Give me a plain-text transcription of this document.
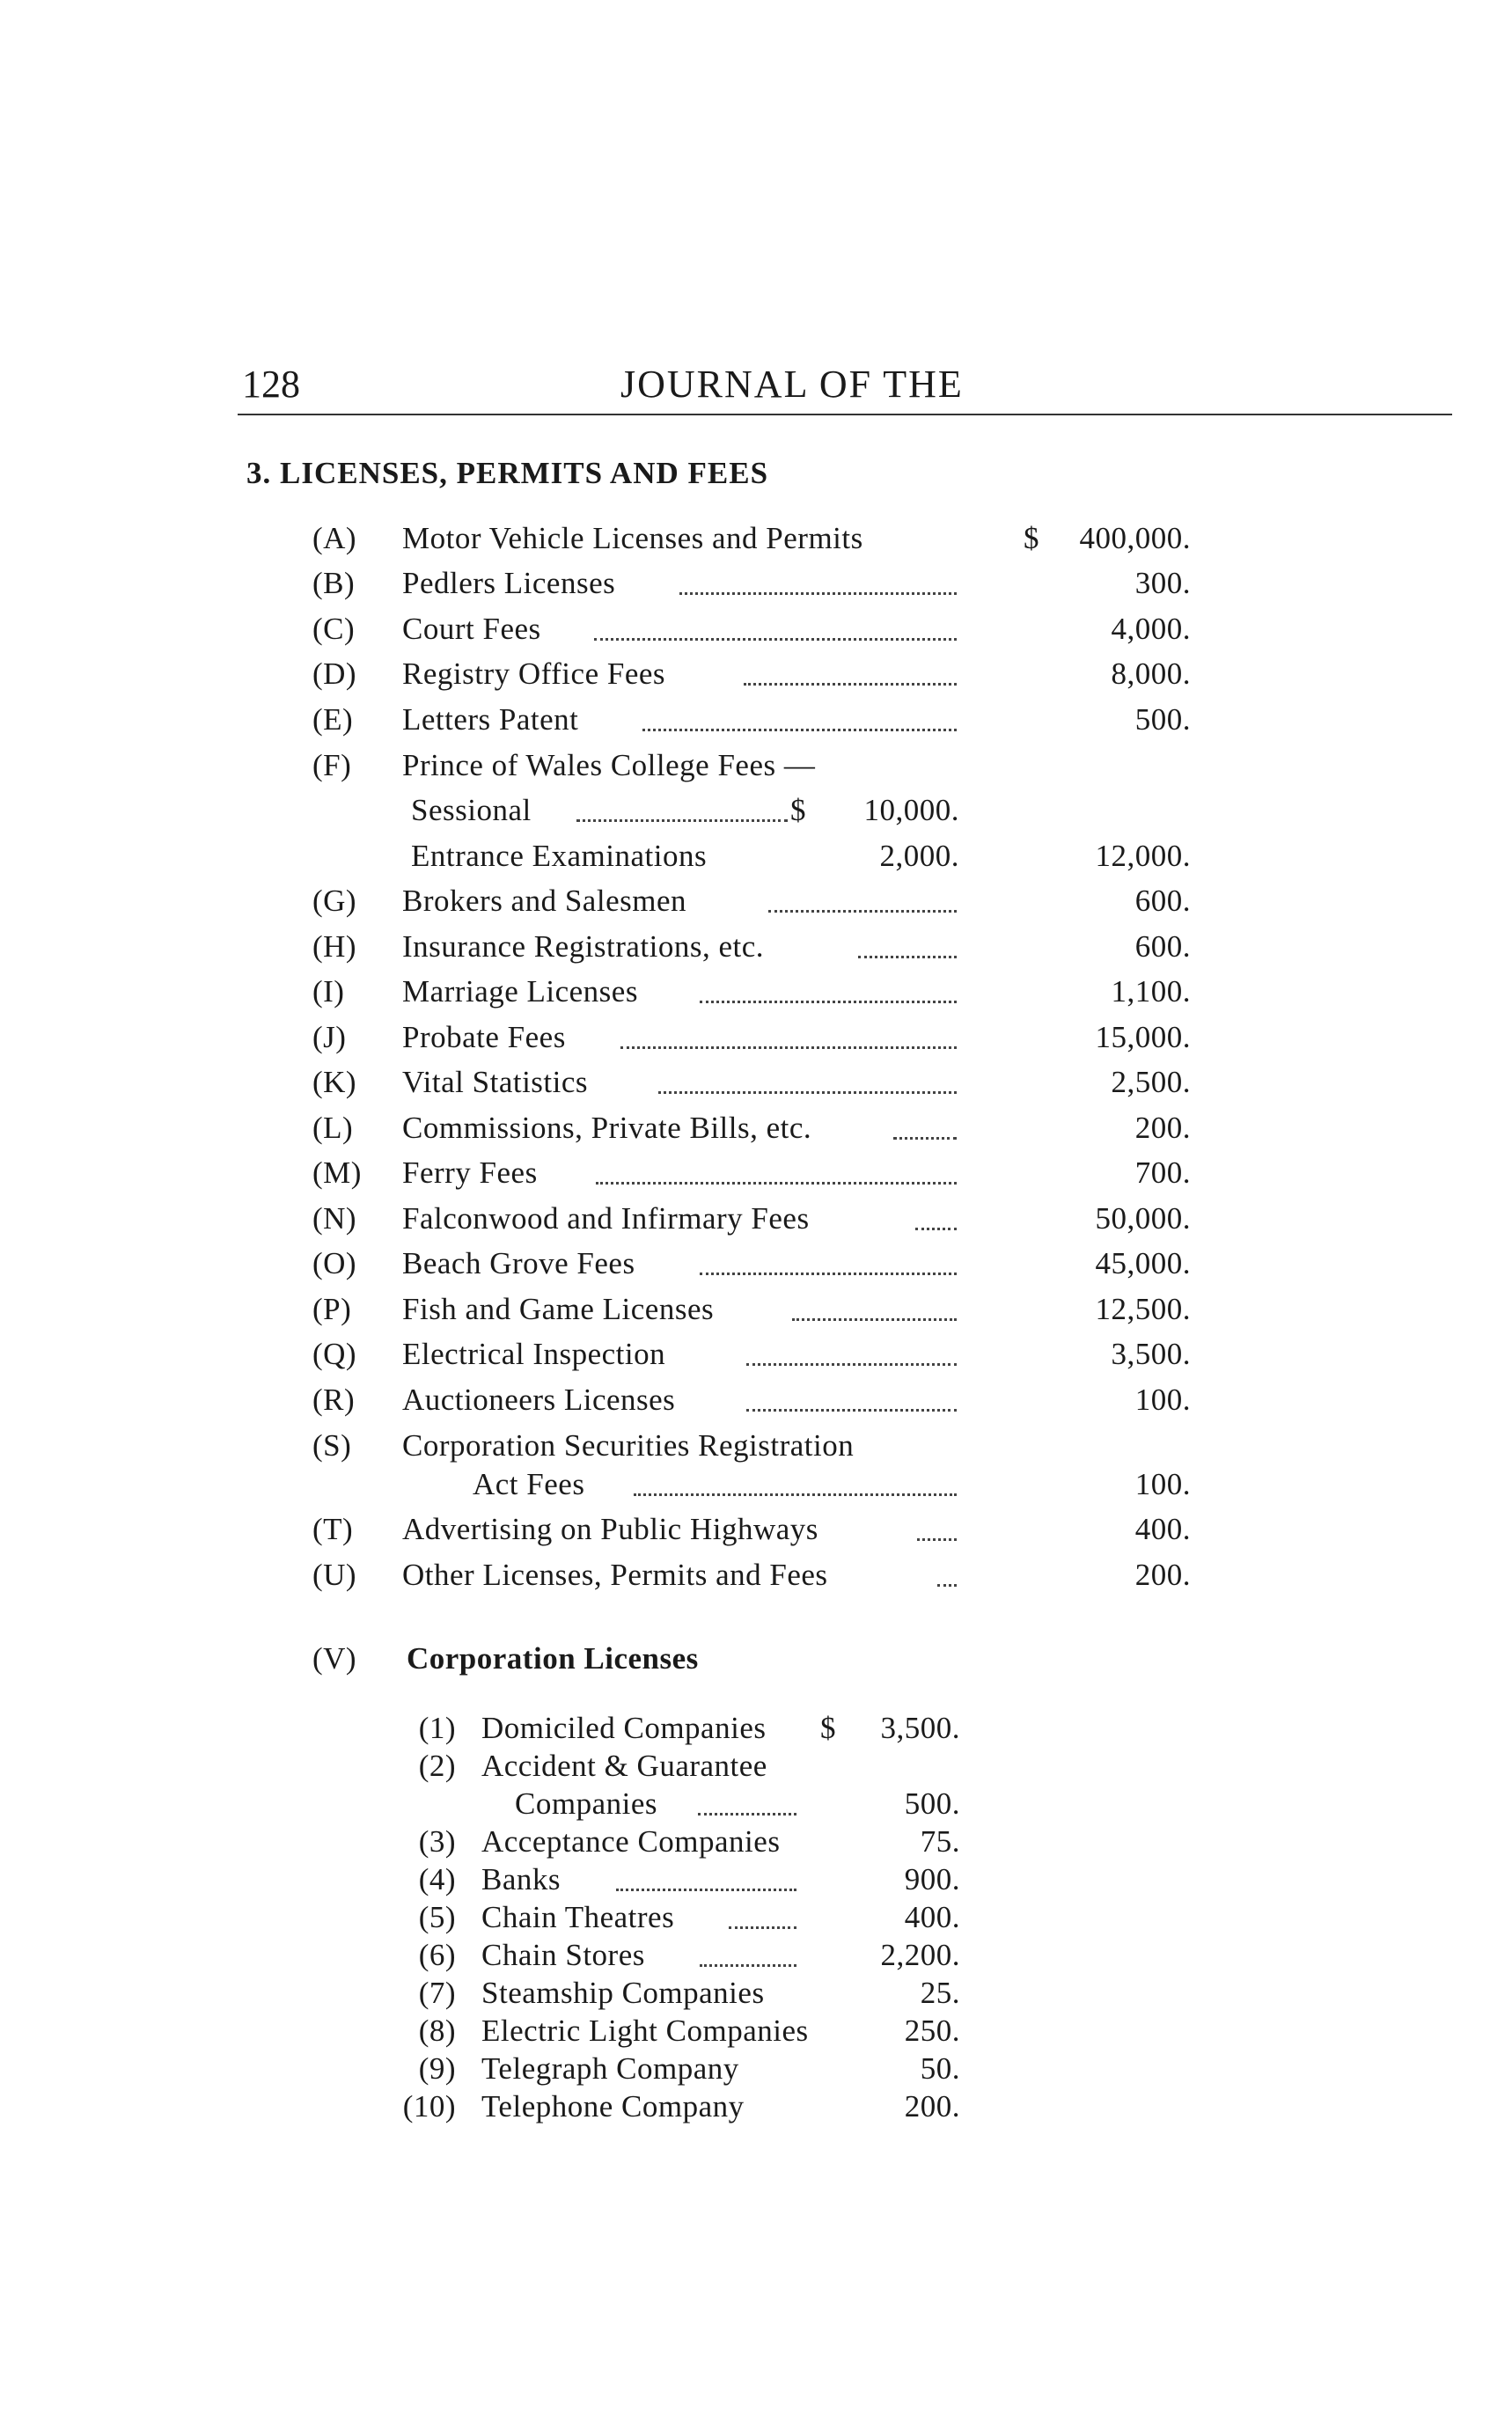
128	JOURNAL OF THE
3. LICENSES, PERMITS AND FEES
(A) Motor Vehicle Licenses and Permits	$ 400,000.
(B) Pedlers Licenses	300.
(C) Court Fees	4,000.
(D) Registry Office Fees	8,000.
(E) Letters Patent	500.
(F) Prince of Wales College Fees —
Sessional	$ 10,000.
Entrance Examinations	2,000.	12,000.
(G) Brokers and Salesmen	600.
(H) Insurance Registrations, etc.	600.
(I) Marriage Licenses	1,100.
(J) Probate Fees	15,000.
(K) Vital Statistics	2,500.
(L) Commissions, Private Bills, etc.	200.
(M) Ferry Fees	700.
(N) Falconwood and Infirmary Fees	50,000.
(O) Beach Grove Fees	45,000.
(P) Fish and Game Licenses	12,500.
(Q) Electrical Inspection	3,500.
(R) Auctioneers Licenses	100.
(S) Corporation Securities Registration
Act Fees	100.
(T) Advertising on Public Highways	400.
(U) Other Licenses, Permits and Fees	200.
(V) Corporation Licenses
(1) Domiciled Companies $ 3,500.
(2) Accident & Guarantee
Companies	500.
(3) Acceptance Companies	75.
(4) Banks	900.
(5) Chain Theatres	400.
(6) Chain Stores	2,200.
(7) Steamship Companies	25.
(8) Electric Light Companies	250.
(9) Telegraph Company	50.
(10) Telephone Company	200.
